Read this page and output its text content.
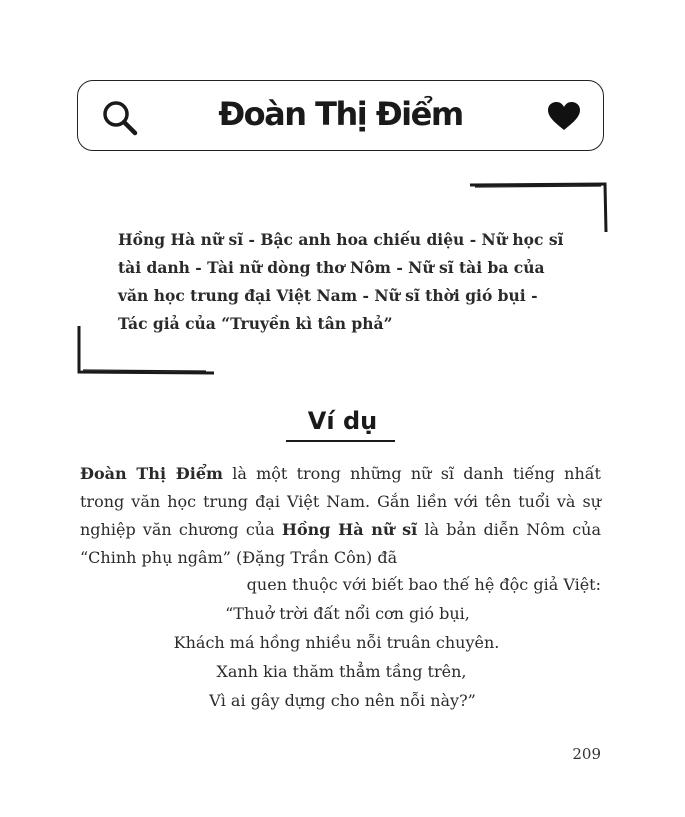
Đoàn Thị Điểm

Hồng Hà nữ sĩ - Bậc anh hoa chiếu diệu - Nữ học sĩ tài danh - Tài nữ dòng thơ Nôm - Nữ sĩ tài ba của văn học trung đại Việt Nam - Nữ sĩ thời gió bụi - Tác giả của “Truyền kì tân phả”

Ví dụ

Đoàn Thị Điểm là một trong những nữ sĩ danh tiếng nhất trong văn học trung đại Việt Nam. Gắn liền với tên tuổi và sự nghiệp văn chương của Hồng Hà nữ sĩ là bản diễn Nôm của “Chinh phụ ngâm” (Đặng Trần Côn) đã

quen thuộc với biết bao thế hệ độc giả Việt:

“Thuở trời đất nổi cơn gió bụi,
Khách má hồng nhiều nỗi truân chuyên.
Xanh kia thăm thẳm tầng trên,
Vì ai gây dựng cho nên nỗi này?”
209
